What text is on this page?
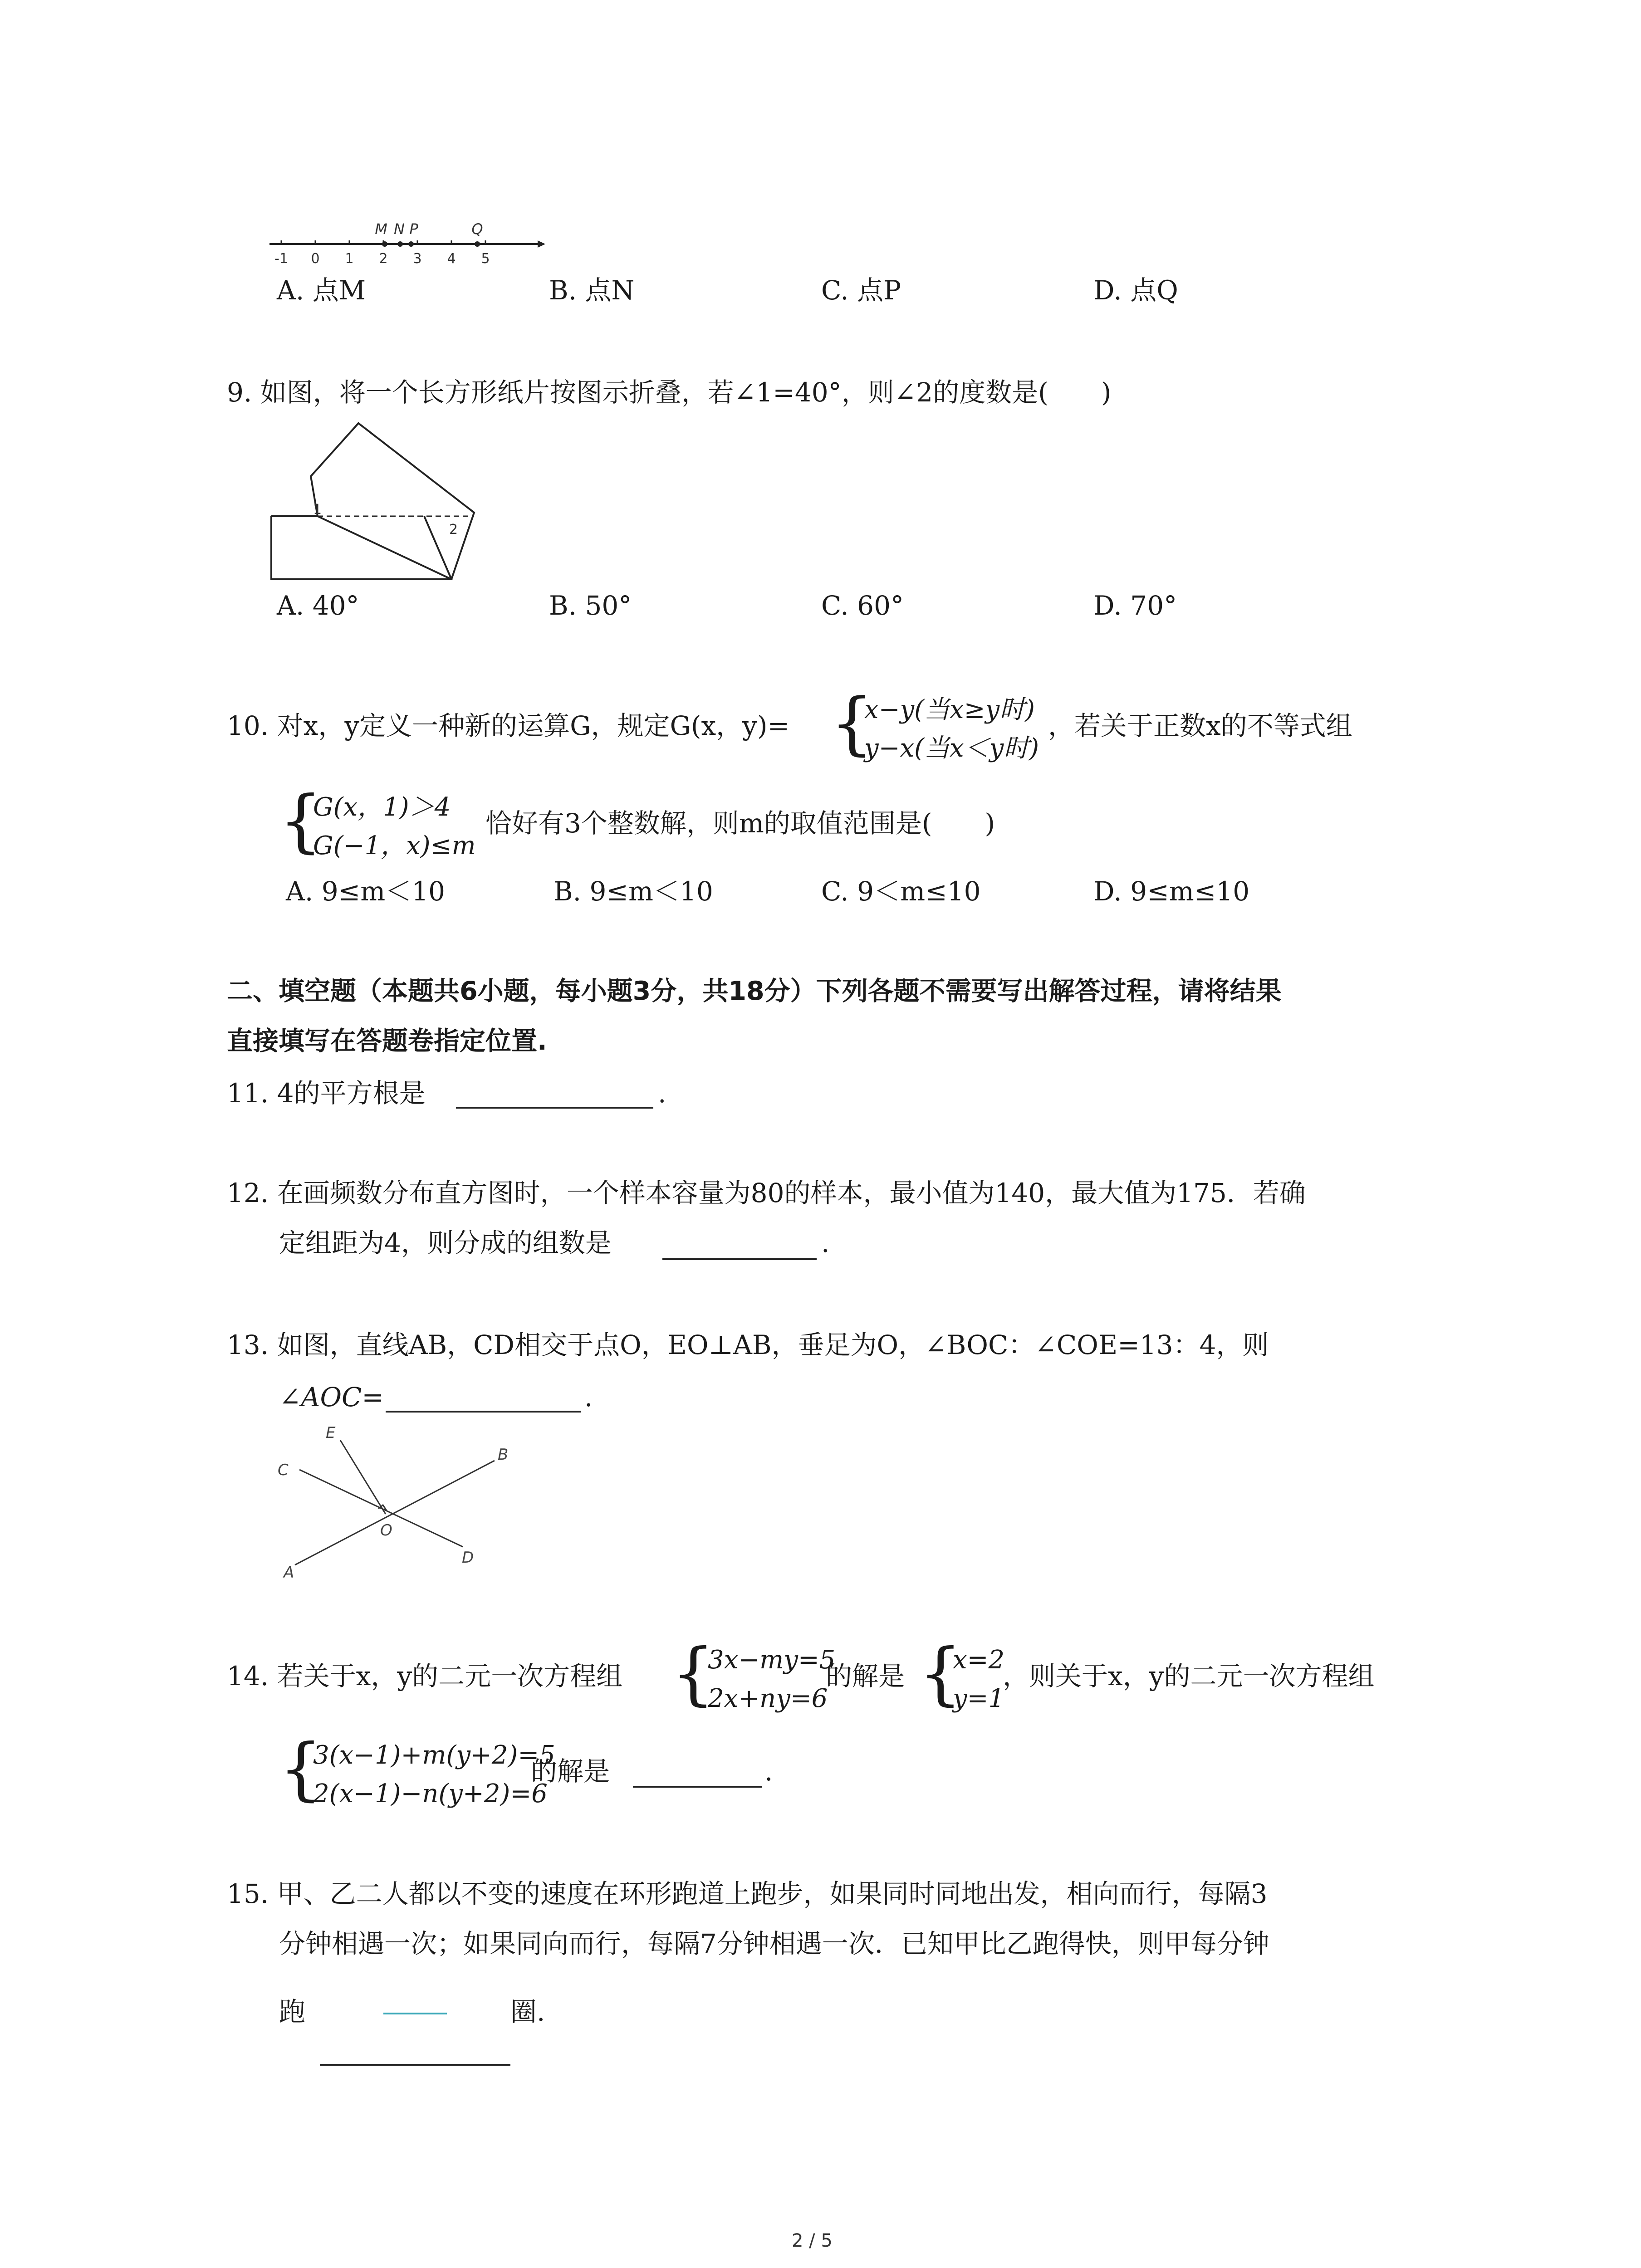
-1 0 1 2 3 4 5
M N P	Q
A. 点M	B. 点N	C. 点P	D. 点Q
9. 如图，将一个长方形纸片按图示折叠，若∠1=40°，则∠2的度数是(　　)
1
2
A. 40°	B. 50°	C. 60°	D. 70°
10. 对x，y定义一种新的运算G，规定G(x，y)= {
x−y(当x≥y时)
y−x(当x＜y时)
，若关于正数x的不等式组
{
G(x，1)＞4
G(−1，x)≤m
恰好有3个整数解，则m的取值范围是(　　)
A. 9≤m＜10	B. 9≤m＜10	C. 9＜m≤10	D. 9≤m≤10
二、填空题（本题共6小题，每小题3分，共18分）下列各题不需要写出解答过程，请将结果
直接填写在答题卷指定位置.
11. 4的平方根是	.
12. 在画频数分布直方图时，一个样本容量为80的样本，最小值为140，最大值为175．若确
定组距为4，则分成的组数是	.
13. 如图，直线AB，CD相交于点O，EO⊥AB，垂足为O，∠BOC：∠COE=13：4，则
∠AOC=	.
E
C
B
O
A
D
14. 若关于x，y的二元一次方程组 {
3x−my=5
2x+ny=6
的解是 {
x=2
y=1
，则关于x，y的二元一次方程组
{
3(x−1)+m(y+2)=5
2(x−1)−n(y+2)=6
的解是	.
15. 甲、乙二人都以不变的速度在环形跑道上跑步，如果同时同地出发，相向而行，每隔3
分钟相遇一次；如果同向而行，每隔7分钟相遇一次．已知甲比乙跑得快，则甲每分钟
跑	圈.
2 / 5
